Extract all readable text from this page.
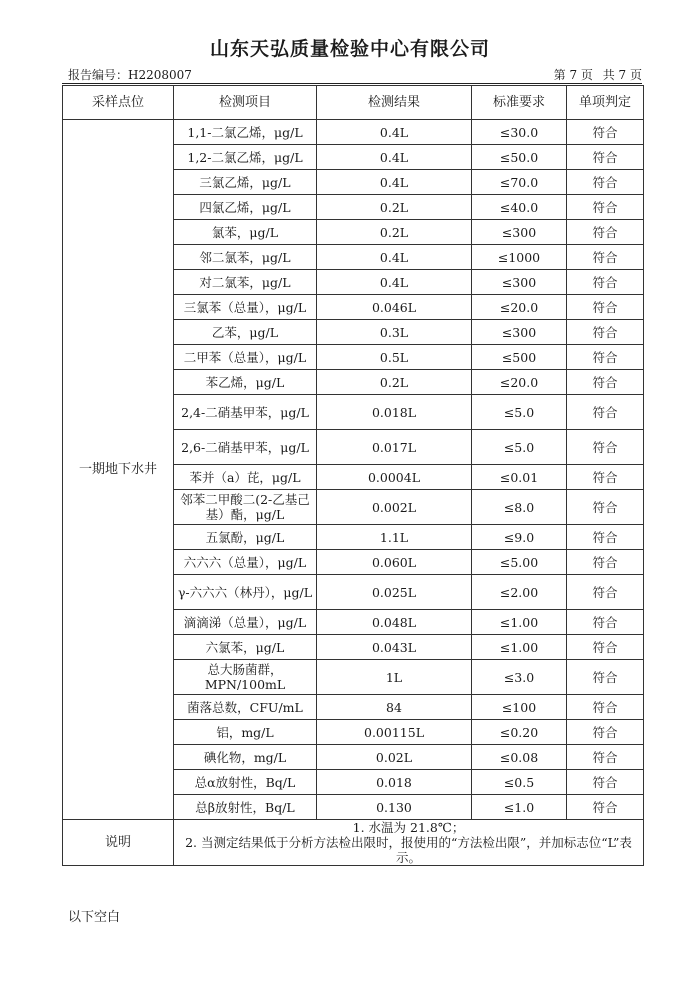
山东天弘质量检验中心有限公司
报告编号：H2208007	第 7 页 共 7 页
采样点位	检测项目	检测结果	标准要求	单项判定
一期地下水井	1,1-二氯乙烯，μg/L	0.4L	≤30.0	符合
	1,2-二氯乙烯，μg/L	0.4L	≤50.0	符合
	三氯乙烯，μg/L	0.4L	≤70.0	符合
	四氯乙烯，μg/L	0.2L	≤40.0	符合
	氯苯，μg/L	0.2L	≤300	符合
	邻二氯苯，μg/L	0.4L	≤1000	符合
	对二氯苯，μg/L	0.4L	≤300	符合
	三氯苯（总量），μg/L	0.046L	≤20.0	符合
	乙苯，μg/L	0.3L	≤300	符合
	二甲苯（总量），μg/L	0.5L	≤500	符合
	苯乙烯，μg/L	0.2L	≤20.0	符合
	2,4-二硝基甲苯，μg/L	0.018L	≤5.0	符合
	2,6-二硝基甲苯，μg/L	0.017L	≤5.0	符合
	苯并（a）芘，μg/L	0.0004L	≤0.01	符合
	邻苯二甲酸二(2-乙基己基）酯，μg/L	0.002L	≤8.0	符合
	五氯酚，μg/L	1.1L	≤9.0	符合
	六六六（总量），μg/L	0.060L	≤5.00	符合
	γ-六六六（林丹），μg/L	0.025L	≤2.00	符合
	滴滴涕（总量），μg/L	0.048L	≤1.00	符合
	六氯苯，μg/L	0.043L	≤1.00	符合
	总大肠菌群，MPN/100mL	1L	≤3.0	符合
	菌落总数，CFU/mL	84	≤100	符合
	铝，mg/L	0.00115L	≤0.20	符合
	碘化物，mg/L	0.02L	≤0.08	符合
	总α放射性，Bq/L	0.018	≤0.5	符合
	总β放射性，Bq/L	0.130	≤1.0	符合
说明	1. 水温为 21.8℃；
2. 当测定结果低于分析方法检出限时，报使用的“方法检出限”，并加标志位“L”表示。			
以下空白
